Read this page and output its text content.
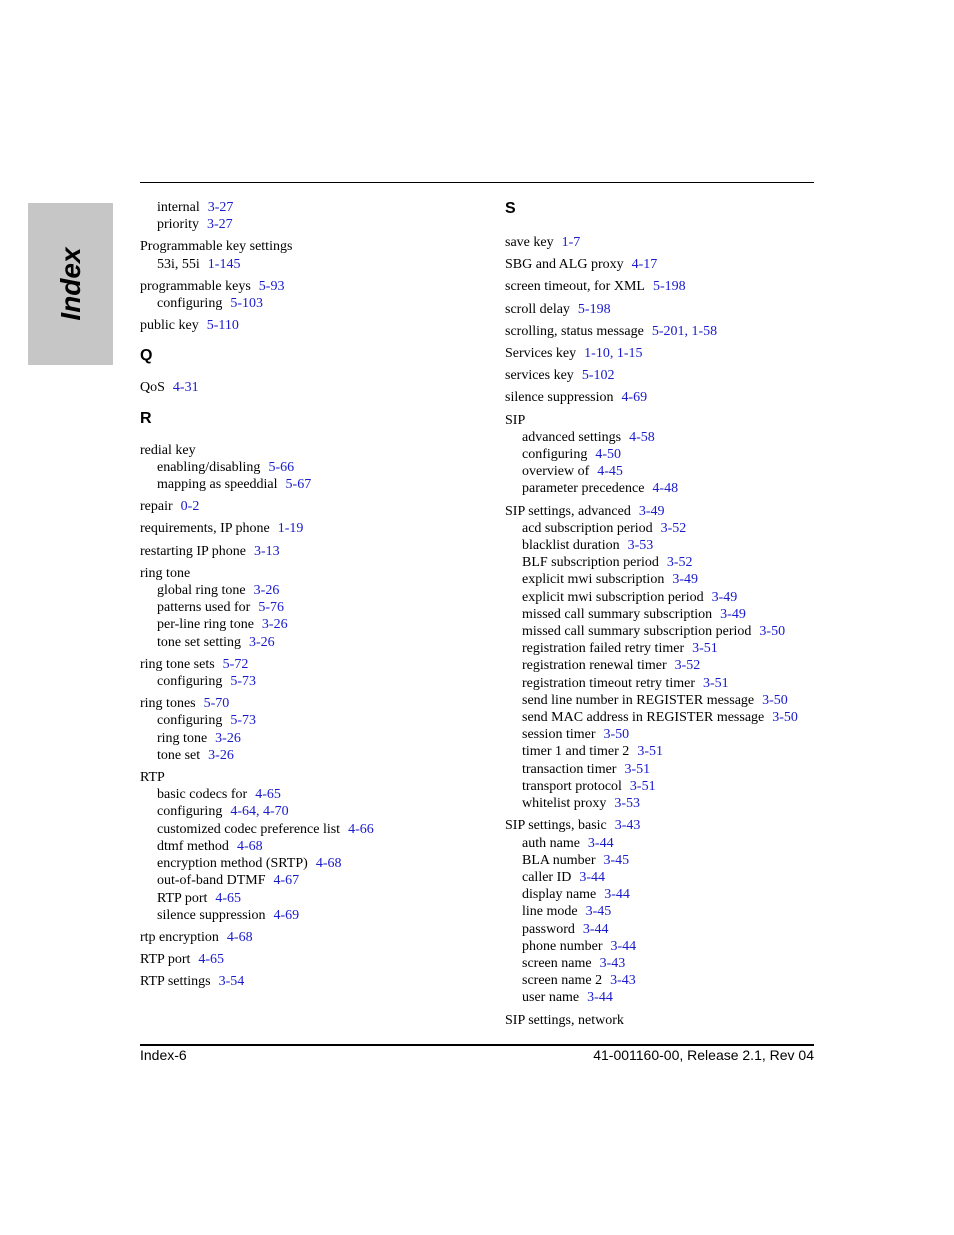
Index
internal 3-27
priority 3-27
Programmable key settings
53i, 55i 1-145
programmable keys 5-93
configuring 5-103
public key 5-110
Q
QoS 4-31
R
redial key
enabling/disabling 5-66
mapping as speeddial 5-67
repair 0-2
requirements, IP phone 1-19
restarting IP phone 3-13
ring tone
global ring tone 3-26
patterns used for 5-76
per-line ring tone 3-26
tone set setting 3-26
ring tone sets 5-72
configuring 5-73
ring tones 5-70
configuring 5-73
ring tone 3-26
tone set 3-26
RTP
basic codecs for 4-65
configuring 4-64, 4-70
customized codec preference list 4-66
dtmf method 4-68
encryption method (SRTP) 4-68
out-of-band DTMF 4-67
RTP port 4-65
silence suppression 4-69
rtp encryption 4-68
RTP port 4-65
RTP settings 3-54
S
save key 1-7
SBG and ALG proxy 4-17
screen timeout, for XML 5-198
scroll delay 5-198
scrolling, status message 5-201, 1-58
Services key 1-10, 1-15
services key 5-102
silence suppression 4-69
SIP
advanced settings 4-58
configuring 4-50
overview of 4-45
parameter precedence 4-48
SIP settings, advanced 3-49
acd subscription period 3-52
blacklist duration 3-53
BLF subscription period 3-52
explicit mwi subscription 3-49
explicit mwi subscription period 3-49
missed call summary subscription 3-49
missed call summary subscription period 3-50
registration failed retry timer 3-51
registration renewal timer 3-52
registration timeout retry timer 3-51
send line number in REGISTER message 3-50
send MAC address in REGISTER message 3-50
session timer 3-50
timer 1 and timer 2 3-51
transaction timer 3-51
transport protocol 3-51
whitelist proxy 3-53
SIP settings, basic 3-43
auth name 3-44
BLA number 3-45
caller ID 3-44
display name 3-44
line mode 3-45
password 3-44
phone number 3-44
screen name 3-43
screen name 2 3-43
user name 3-44
SIP settings, network
Index-6	41-001160-00, Release 2.1, Rev 04
